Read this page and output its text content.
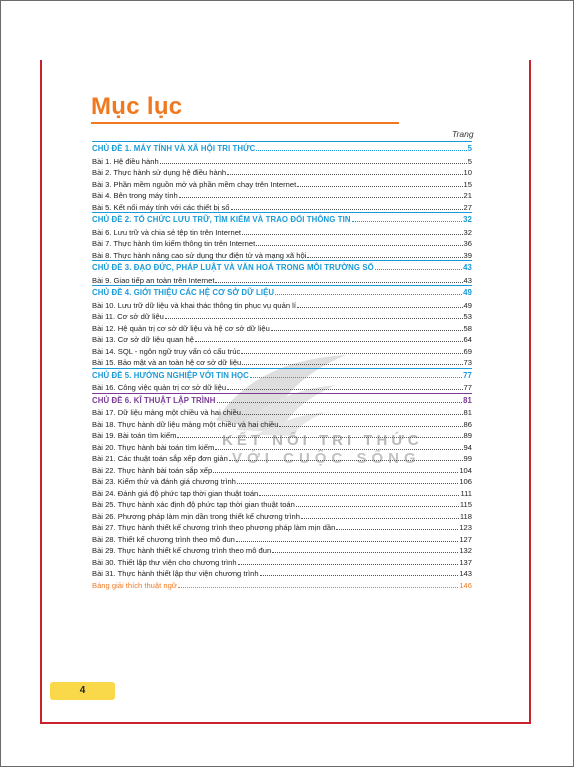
Mục lục
Trang
KẾT NỐI TRI THỨC
VỚI CUỘC SỐNG
CHỦ ĐỀ 1. MÁY TÍNH VÀ XÃ HỘI TRI THỨC	5
Bài 1. Hệ điều hành	5
Bài 2. Thực hành sử dụng hệ điều hành	10
Bài 3. Phần mềm nguồn mở và phần mềm chạy trên Internet	15
Bài 4. Bên trong máy tính	21
Bài 5. Kết nối máy tính với các thiết bị số	27
CHỦ ĐỀ 2. TỔ CHỨC LƯU TRỮ, TÌM KIẾM VÀ TRAO ĐỔI THÔNG TIN	32
Bài 6. Lưu trữ và chia sẻ tệp tin trên Internet	32
Bài 7. Thực hành tìm kiếm thông tin trên Internet	36
Bài 8. Thực hành nâng cao sử dụng thư điện tử và mạng xã hội	39
CHỦ ĐỀ 3. ĐẠO ĐỨC, PHÁP LUẬT VÀ VĂN HOÁ TRONG MÔI TRƯỜNG SỐ	43
Bài 9. Giao tiếp an toàn trên Internet	43
CHỦ ĐỀ 4. GIỚI THIỆU CÁC HỆ CƠ SỞ DỮ LIỆU	49
Bài 10. Lưu trữ dữ liệu và khai thác thông tin phục vụ quản lí	49
Bài 11. Cơ sở dữ liệu	53
Bài 12. Hệ quản trị cơ sở dữ liệu và hệ cơ sở dữ liệu	58
Bài 13. Cơ sở dữ liệu quan hệ	64
Bài 14. SQL - ngôn ngữ truy vấn có cấu trúc	69
Bài 15. Bảo mật và an toàn hệ cơ sở dữ liệu	73
CHỦ ĐỀ 5. HƯỚNG NGHIỆP VỚI TIN HỌC	77
Bài 16. Công việc quản trị cơ sở dữ liệu	77
CHỦ ĐỀ 6. KĨ THUẬT LẬP TRÌNH	81
Bài 17. Dữ liệu mảng một chiều và hai chiều	81
Bài 18. Thực hành dữ liệu mảng một chiều và hai chiều	86
Bài 19. Bài toán tìm kiếm	89
Bài 20. Thực hành bài toán tìm kiếm	94
Bài 21. Các thuật toán sắp xếp đơn giản	99
Bài 22. Thực hành bài toán sắp xếp	104
Bài 23. Kiểm thử và đánh giá chương trình	106
Bài 24. Đánh giá độ phức tạp thời gian thuật toán	111
Bài 25. Thực hành xác định độ phức tạp thời gian thuật toán	115
Bài 26. Phương pháp làm mịn dần trong thiết kế chương trình	118
Bài 27. Thực hành thiết kế chương trình theo phương pháp làm mịn dần	123
Bài 28. Thiết kế chương trình theo mô đun	127
Bài 29. Thực hành thiết kế chương trình theo mô đun	132
Bài 30. Thiết lập thư viện cho chương trình	137
Bài 31. Thực hành thiết lập thư viện chương trình	143
Bảng giải thích thuật ngữ	146
4
